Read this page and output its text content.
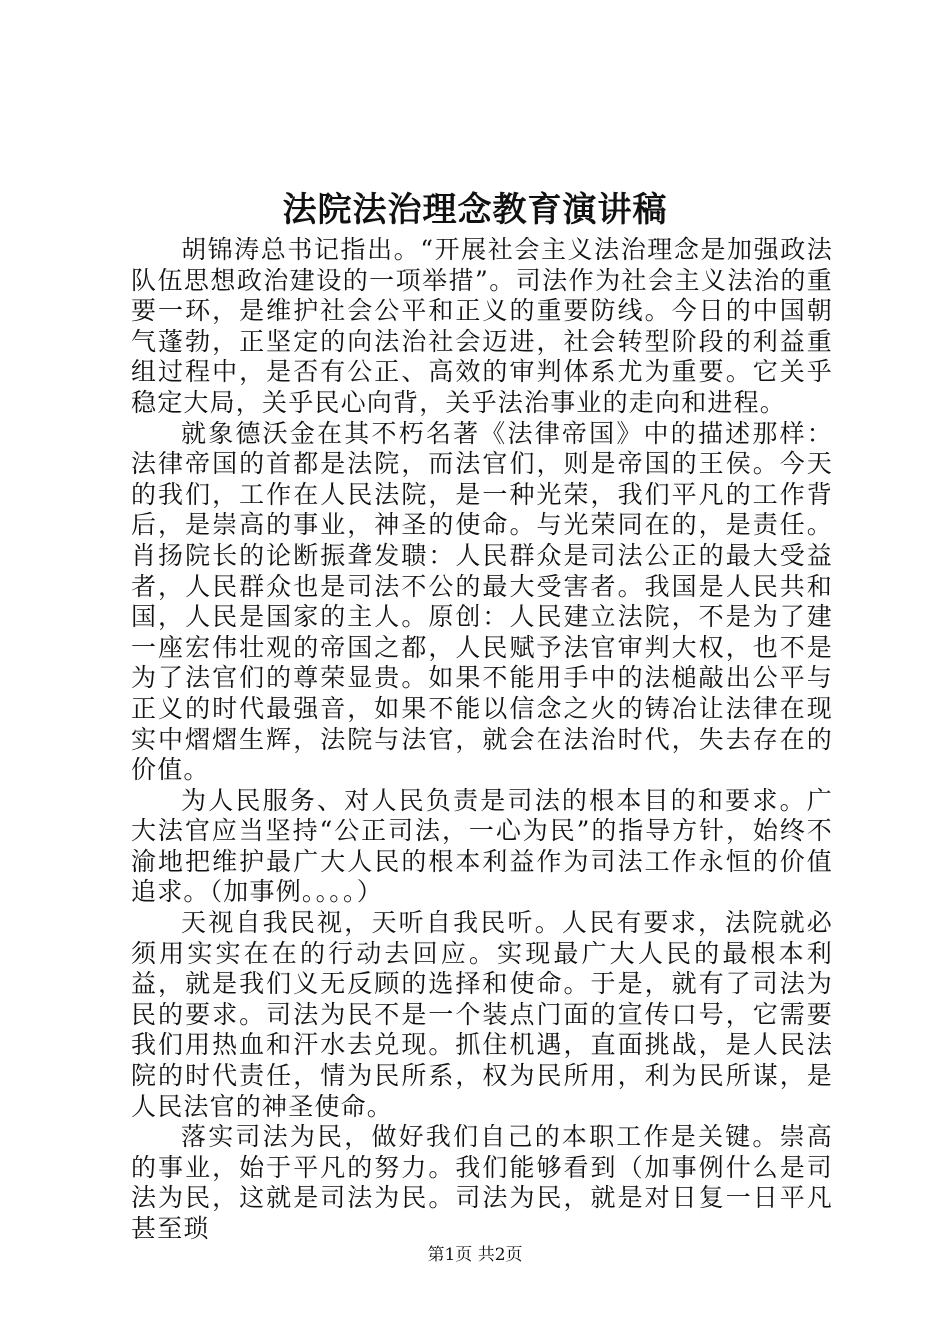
法院法治理念教育演讲稿

胡锦涛总书记指出。“开展社会主义法治理念是加强政法队伍思想政治建设的一项举措”。司法作为社会主义法治的重要一环，是维护社会公平和正义的重要防线。今日的中国朝气蓬勃，正坚定的向法治社会迈进，社会转型阶段的利益重组过程中，是否有公正、高效的审判体系尤为重要。它关乎稳定大局，关乎民心向背，关乎法治事业的走向和进程。

就象德沃金在其不朽名著《法律帝国》中的描述那样：法律帝国的首都是法院，而法官们，则是帝国的王侯。今天的我们，工作在人民法院，是一种光荣，我们平凡的工作背后，是崇高的事业，神圣的使命。与光荣同在的，是责任。肖扬院长的论断振聋发聩：人民群众是司法公正的最大受益者，人民群众也是司法不公的最大受害者。我国是人民共和国，人民是国家的主人。原创：人民建立法院，不是为了建一座宏伟壮观的帝国之都，人民赋予法官审判大权，也不是为了法官们的尊荣显贵。如果不能用手中的法槌敲出公平与正义的时代最强音，如果不能以信念之火的铸冶让法律在现实中熠熠生辉，法院与法官，就会在法治时代，失去存在的价值。

为人民服务、对人民负责是司法的根本目的和要求。广大法官应当坚持“公正司法，一心为民”的指导方针，始终不渝地把维护最广大人民的根本利益作为司法工作永恒的价值追求。（加事例。。。。）

天视自我民视，天听自我民听。人民有要求，法院就必须用实实在在的行动去回应。实现最广大人民的最根本利益，就是我们义无反顾的选择和使命。于是，就有了司法为民的要求。司法为民不是一个装点门面的宣传口号，它需要我们用热血和汗水去兑现。抓住机遇，直面挑战，是人民法院的时代责任，情为民所系，权为民所用，利为民所谋，是人民法官的神圣使命。

落实司法为民，做好我们自己的本职工作是关键。崇高的事业，始于平凡的努力。我们能够看到（加事例什么是司法为民，这就是司法为民。司法为民，就是对日复一日平凡甚至琐

第1页 共2页
